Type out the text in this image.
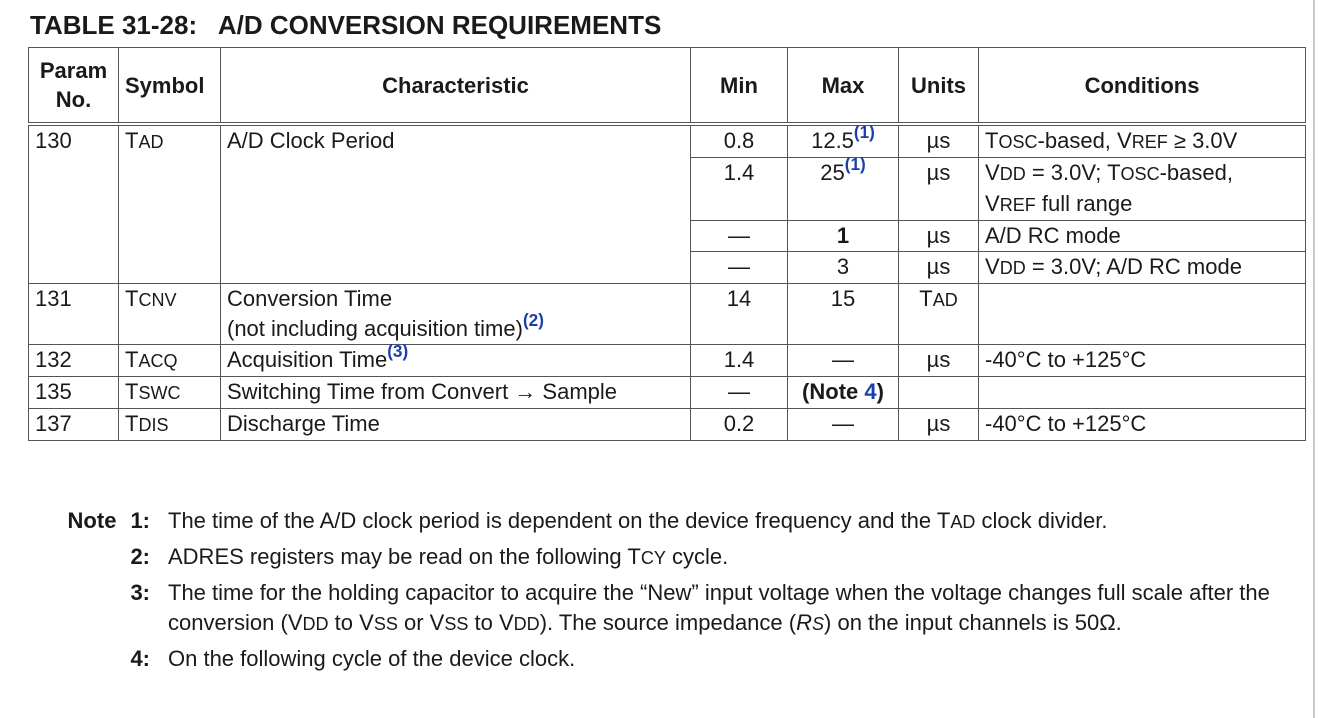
TABLE 31-28:   A/D CONVERSION REQUIREMENTS
Param
No.	Symbol	Characteristic	Min	Max	Units	Conditions
130	TAD	A/D Clock Period	0.8	12.5$^{(1)}$	µs	TOSC-based, VREF ≥ 3.0V
			1.4	25$^{(1)}$	µs	VDD = 3.0V; TOSC-based,
VREF full range
			—	1	µs	A/D RC mode
			—	3	µs	VDD = 3.0V; A/D RC mode
131	TCNV	Conversion Time
(not including acquisition time)$^{(2)}$	14	15	TAD	
132	TACQ	Acquisition Time$^{(3)}$	1.4	—	µs	-40°C to +125°C
135	TSWC	Switching Time from Convert → Sample	—	(Note 4)		
137	TDIS	Discharge Time	0.2	—	µs	-40°C to +125°C
Note 1: The time of the A/D clock period is dependent on the device frequency and the TAD clock divider.
2: ADRES registers may be read on the following TCY cycle.
3: The time for the holding capacitor to acquire the “New” input voltage when the voltage changes full scale after the conversion (VDD to VSS or VSS to VDD). The source impedance (RS) on the input channels is 50Ω.
4: On the following cycle of the device clock.
